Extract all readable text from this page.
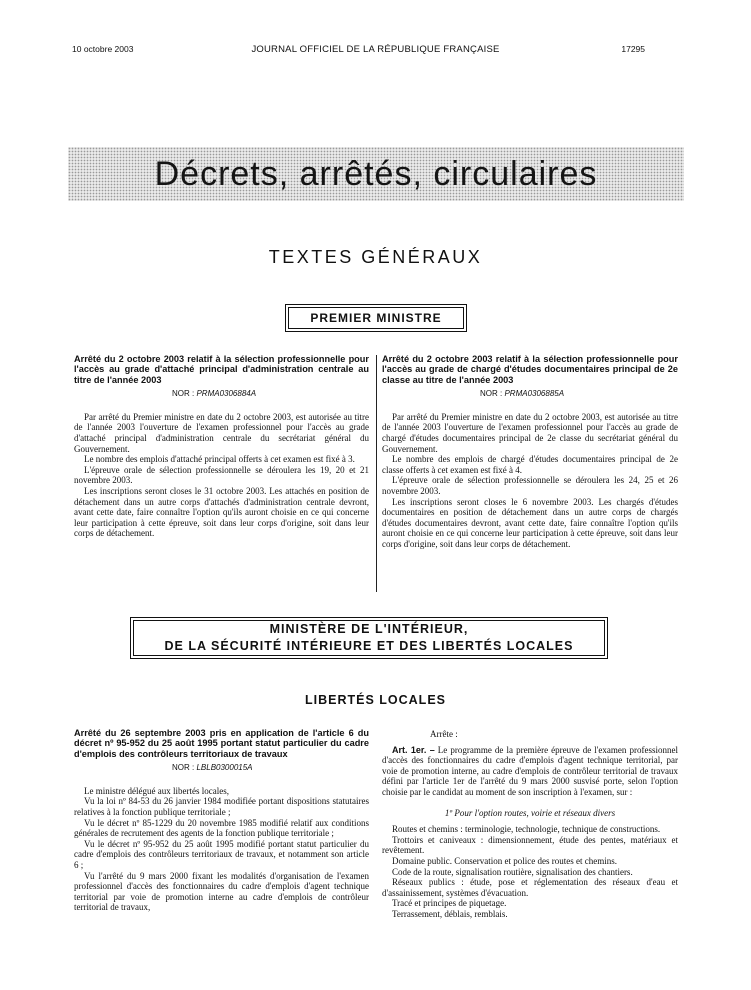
10 octobre 2003	JOURNAL OFFICIEL DE LA RÉPUBLIQUE FRANÇAISE	17295
Décrets, arrêtés, circulaires
TEXTES GÉNÉRAUX
PREMIER MINISTRE
Arrêté du 2 octobre 2003 relatif à la sélection professionnelle pour l'accès au grade d'attaché principal d'administration centrale au titre de l'année 2003
NOR : PRMA0306884A

Par arrêté du Premier ministre en date du 2 octobre 2003, est autorisée au titre de l'année 2003 l'ouverture de l'examen professionnel pour l'accès au grade d'attaché principal d'administration centrale du secrétariat général du Gouvernement.

Le nombre des emplois d'attaché principal offerts à cet examen est fixé à 3.

L'épreuve orale de sélection professionnelle se déroulera les 19, 20 et 21 novembre 2003.

Les inscriptions seront closes le 31 octobre 2003. Les attachés en position de détachement dans un autre corps d'attachés d'administration centrale devront, avant cette date, faire connaître l'option qu'ils auront choisie en ce qui concerne leur participation à cette épreuve, soit dans leur corps d'origine, soit dans leur corps de détachement.

Arrêté du 2 octobre 2003 relatif à la sélection professionnelle pour l'accès au grade de chargé d'études documentaires principal de 2e classe au titre de l'année 2003
NOR : PRMA0306885A

Par arrêté du Premier ministre en date du 2 octobre 2003, est autorisée au titre de l'année 2003 l'ouverture de l'examen professionnel pour l'accès au grade de chargé d'études documentaires principal de 2e classe du secrétariat général du Gouvernement.

Le nombre des emplois de chargé d'études documentaires principal de 2e classe offerts à cet examen est fixé à 4.

L'épreuve orale de sélection professionnelle se déroulera les 24, 25 et 26 novembre 2003.

Les inscriptions seront closes le 6 novembre 2003. Les chargés d'études documentaires en position de détachement dans un autre corps de chargés d'études documentaires devront, avant cette date, faire connaître l'option qu'ils auront choisie en ce qui concerne leur participation à cette épreuve, soit dans leur corps d'origine, soit dans leur corps de détachement.

MINISTÈRE DE L'INTÉRIEUR,
DE LA SÉCURITÉ INTÉRIEURE ET DES LIBERTÉS LOCALES
LIBERTÉS LOCALES
Arrêté du 26 septembre 2003 pris en application de l'article 6 du décret nº 95-952 du 25 août 1995 portant statut particulier du cadre d'emplois des contrôleurs territoriaux de travaux
NOR : LBLB0300015A

Le ministre délégué aux libertés locales,

Vu la loi nº 84-53 du 26 janvier 1984 modifiée portant dispositions statutaires relatives à la fonction publique territoriale ;

Vu le décret nº 85-1229 du 20 novembre 1985 modifié relatif aux conditions générales de recrutement des agents de la fonction publique territoriale ;

Vu le décret nº 95-952 du 25 août 1995 modifié portant statut particulier du cadre d'emplois des contrôleurs territoriaux de travaux, et notamment son article 6 ;

Vu l'arrêté du 9 mars 2000 fixant les modalités d'organisation de l'examen professionnel d'accès des fonctionnaires du cadre d'emplois d'agent technique territorial par voie de promotion interne au cadre d'emplois de contrôleur territorial de travaux,

Arrête :

Art. 1er. – Le programme de la première épreuve de l'examen professionnel d'accès des fonctionnaires du cadre d'emplois d'agent technique territorial, par voie de promotion interne, au cadre d'emplois de contrôleur territorial de travaux défini par l'article 1er de l'arrêté du 9 mars 2000 susvisé porte, selon l'option choisie par le candidat au moment de son inscription à l'examen, sur :

1º Pour l'option routes, voirie et réseaux divers

Routes et chemins : terminologie, technologie, technique de constructions.

Trottoirs et caniveaux : dimensionnement, étude des pentes, matériaux et revêtement.

Domaine public. Conservation et police des routes et chemins.

Code de la route, signalisation routière, signalisation des chantiers.

Réseaux publics : étude, pose et réglementation des réseaux d'eau et d'assainissement, systèmes d'évacuation.

Tracé et principes de piquetage.

Terrassement, déblais, remblais.
